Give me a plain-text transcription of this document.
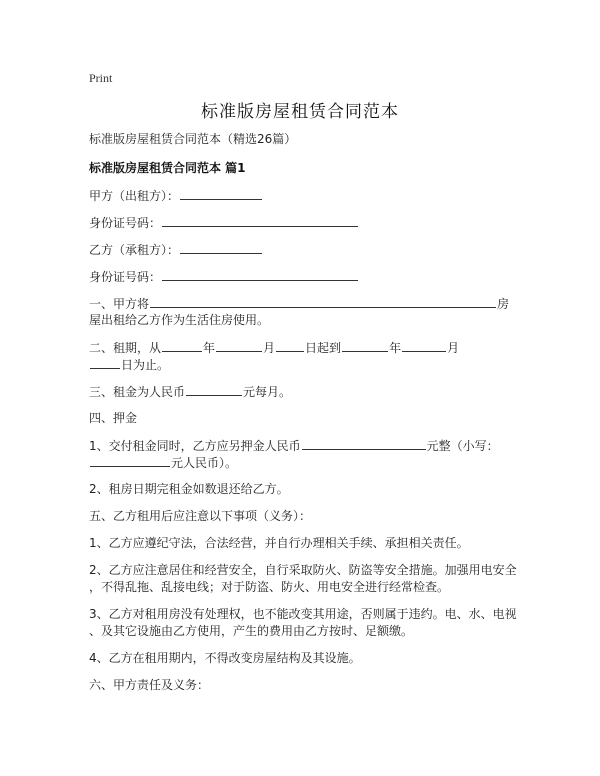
Print
标准版房屋租赁合同范本
标准版房屋租赁合同范本（精选26篇）
标准版房屋租赁合同范本 篇1
甲方（出租方）：
身份证号码：
乙方（承租方）：
身份证号码：
一、甲方将	房
屋出租给乙方作为生活住房使用。
二、租期，从	年	月	日起到	年	月
日为止。
三、租金为人民币	元每月。
四、押金
1、交付租金同时，乙方应另押金人民币	元整（小写：
元人民币）。
2、租房日期完租金如数退还给乙方。
五、乙方租用后应注意以下事项（义务）：
1、乙方应遵纪守法，合法经营，并自行办理相关手续、承担相关责任。
2、乙方应注意居住和经营安全，自行采取防火、防盗等安全措施。加强用电安全
，不得乱拖、乱接电线；对于防盗、防火、用电安全进行经常检查。
3、乙方对租用房没有处理权，也不能改变其用途，否则属于违约。电、水、电视
、及其它设施由乙方使用，产生的费用由乙方按时、足额缴。
4、乙方在租用期内，不得改变房屋结构及其设施。
六、甲方责任及义务：
